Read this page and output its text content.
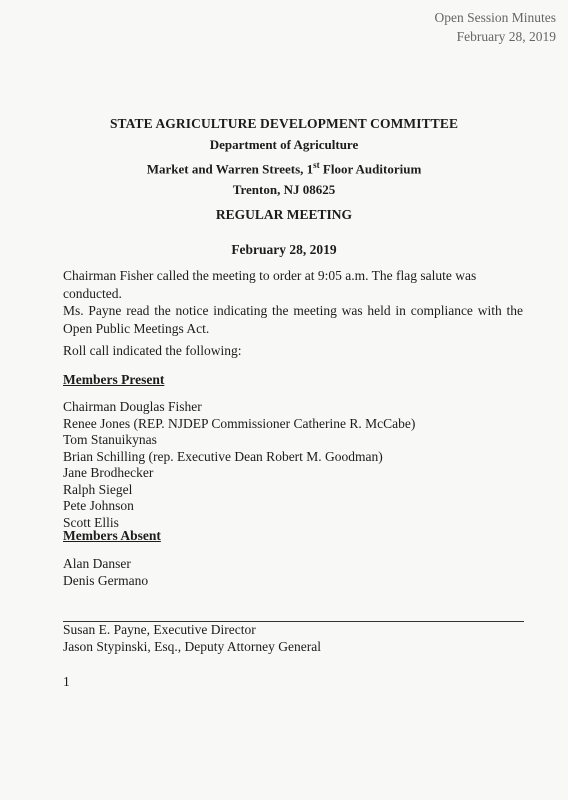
Open Session Minutes
February 28, 2019
STATE AGRICULTURE DEVELOPMENT COMMITTEE
Department of Agriculture
Market and Warren Streets, 1st Floor Auditorium
Trenton, NJ 08625
REGULAR MEETING
February 28, 2019
Chairman Fisher called the meeting to order at 9:05 a.m. The flag salute was conducted.
Ms. Payne read the notice indicating the meeting was held in compliance with the Open Public Meetings Act.
Roll call indicated the following:
Members Present
Chairman Douglas Fisher
Renee Jones (REP. NJDEP Commissioner Catherine R. McCabe)
Tom Stanuikynas
Brian Schilling (rep. Executive Dean Robert M. Goodman)
Jane Brodhecker
Ralph Siegel
Pete Johnson
Scott Ellis
Members Absent
Alan Danser
Denis Germano
Susan E. Payne, Executive Director
Jason Stypinski, Esq., Deputy Attorney General
1
